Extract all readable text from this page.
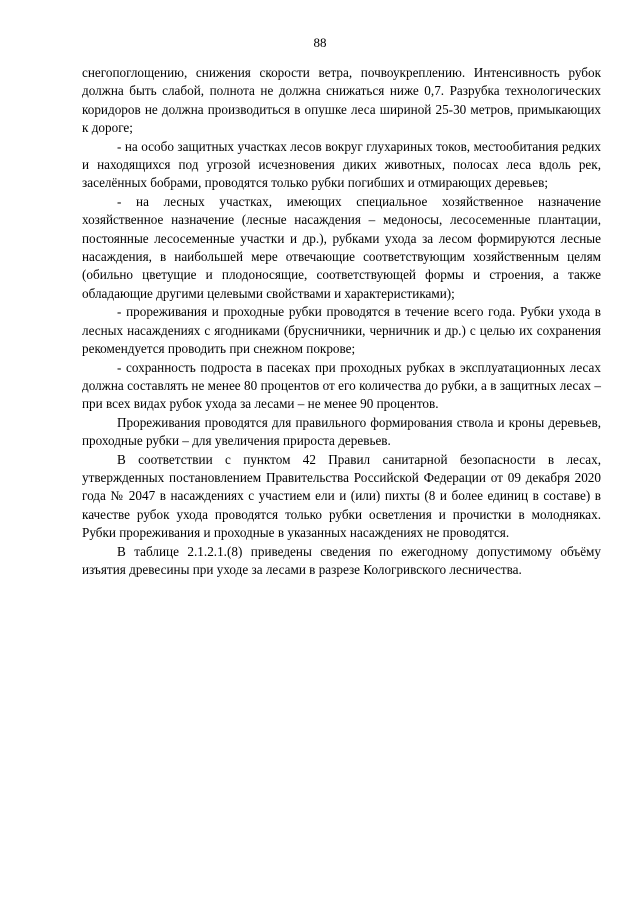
88

снегопоглощению, снижения скорости ветра, почвоукреплению. Интенсивность рубок должна быть слабой, полнота не должна снижаться ниже 0,7. Разрубка технологических коридоров не должна производиться в опушке леса шириной 25-30 метров, примыкающих к дороге;

- на особо защитных участках лесов вокруг глухариных токов, местообитания редких и находящихся под угрозой исчезновения диких животных, полосах леса вдоль рек, заселённых бобрами, проводятся только рубки погибших и отмирающих деревьев;

- на лесных участках, имеющих специальное хозяйственное назначение хозяйственное назначение (лесные насаждения – медоносы, лесосеменные плантации, постоянные лесосеменные участки и др.), рубками ухода за лесом формируются лесные насаждения, в наибольшей мере отвечающие соответствующим хозяйственным целям (обильно цветущие и плодоносящие, соответствующей формы и строения, а также обладающие другими целевыми свойствами и характеристиками);

- прореживания и проходные рубки проводятся в течение всего года. Рубки ухода в лесных насаждениях с ягодниками (брусничники, черничник и др.) с целью их сохранения рекомендуется проводить при снежном покрове;

- сохранность подроста в пасеках при проходных рубках в эксплуатационных лесах должна составлять не менее 80 процентов от его количества до рубки, а в защитных лесах – при всех видах рубок ухода за лесами – не менее 90 процентов.

Прореживания проводятся для правильного формирования ствола и кроны деревьев, проходные рубки – для увеличения прироста деревьев.

В соответствии с пунктом 42 Правил санитарной безопасности в лесах, утвержденных постановлением Правительства Российской Федерации от 09 декабря 2020 года № 2047 в насаждениях с участием ели и (или) пихты (8 и более единиц в составе) в качестве рубок ухода проводятся только рубки осветления и прочистки в молодняках. Рубки прореживания и проходные в указанных насаждениях не проводятся.

В таблице 2.1.2.1.(8) приведены сведения по ежегодному допустимому объёму изъятия древесины при уходе за лесами в разрезе Кологривского лесничества.
